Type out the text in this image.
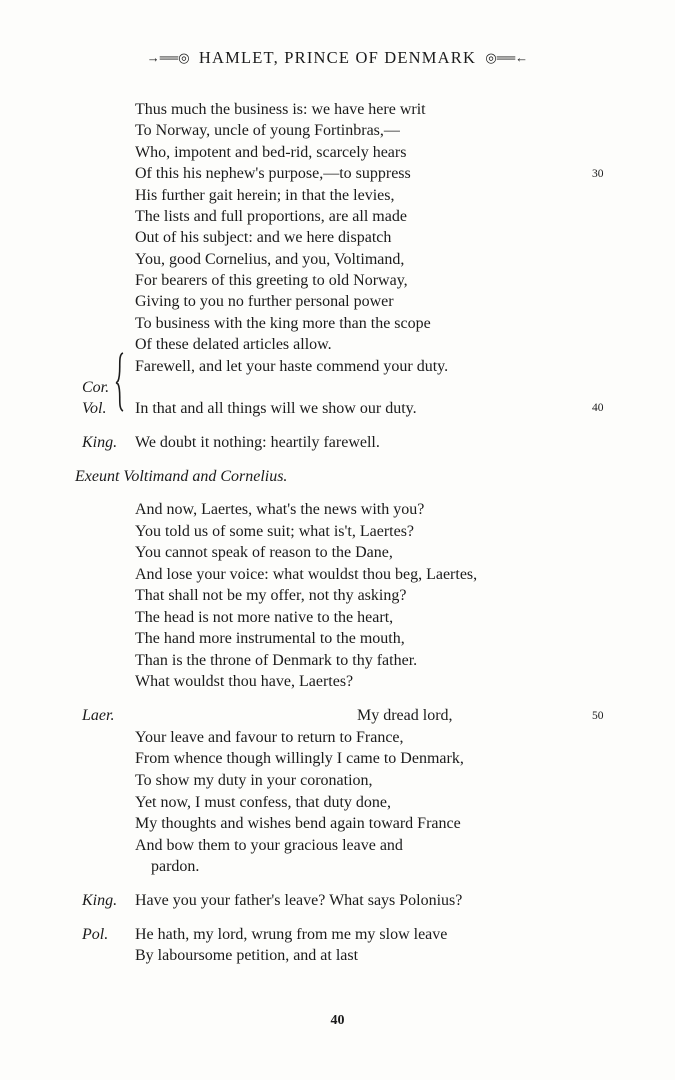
→══◎ HAMLET, PRINCE OF DENMARK ◎══←
Thus much the business is: we have here writ
To Norway, uncle of young Fortinbras,—
Who, impotent and bed-rid, scarcely hears
Of this his nephew's purpose,—to suppress	30
His further gait herein; in that the levies,
The lists and full proportions, are all made
Out of his subject: and we here dispatch
You, good Cornelius, and you, Voltimand,
For bearers of this greeting to old Norway,
Giving to you no further personal power
To business with the king more than the scope
Of these delated articles allow.
Farewell, and let your haste commend your duty.
Cor.
Vol. In that and all things will we show our duty.	40
King. We doubt it nothing: heartily farewell.
Exeunt Voltimand and Cornelius.
And now, Laertes, what's the news with you?
You told us of some suit; what is't, Laertes?
You cannot speak of reason to the Dane,
And lose your voice: what wouldst thou beg, Laertes,
That shall not be my offer, not thy asking?
The head is not more native to the heart,
The hand more instrumental to the mouth,
Than is the throne of Denmark to thy father.
What wouldst thou have, Laertes?
Laer.	My dread lord,	50
Your leave and favour to return to France,
From whence though willingly I came to Denmark,
To show my duty in your coronation,
Yet now, I must confess, that duty done,
My thoughts and wishes bend again toward France
And bow them to your gracious leave and
pardon.
King. Have you your father's leave? What says Polonius?
Pol. He hath, my lord, wrung from me my slow leave
By laboursome petition, and at last
40
